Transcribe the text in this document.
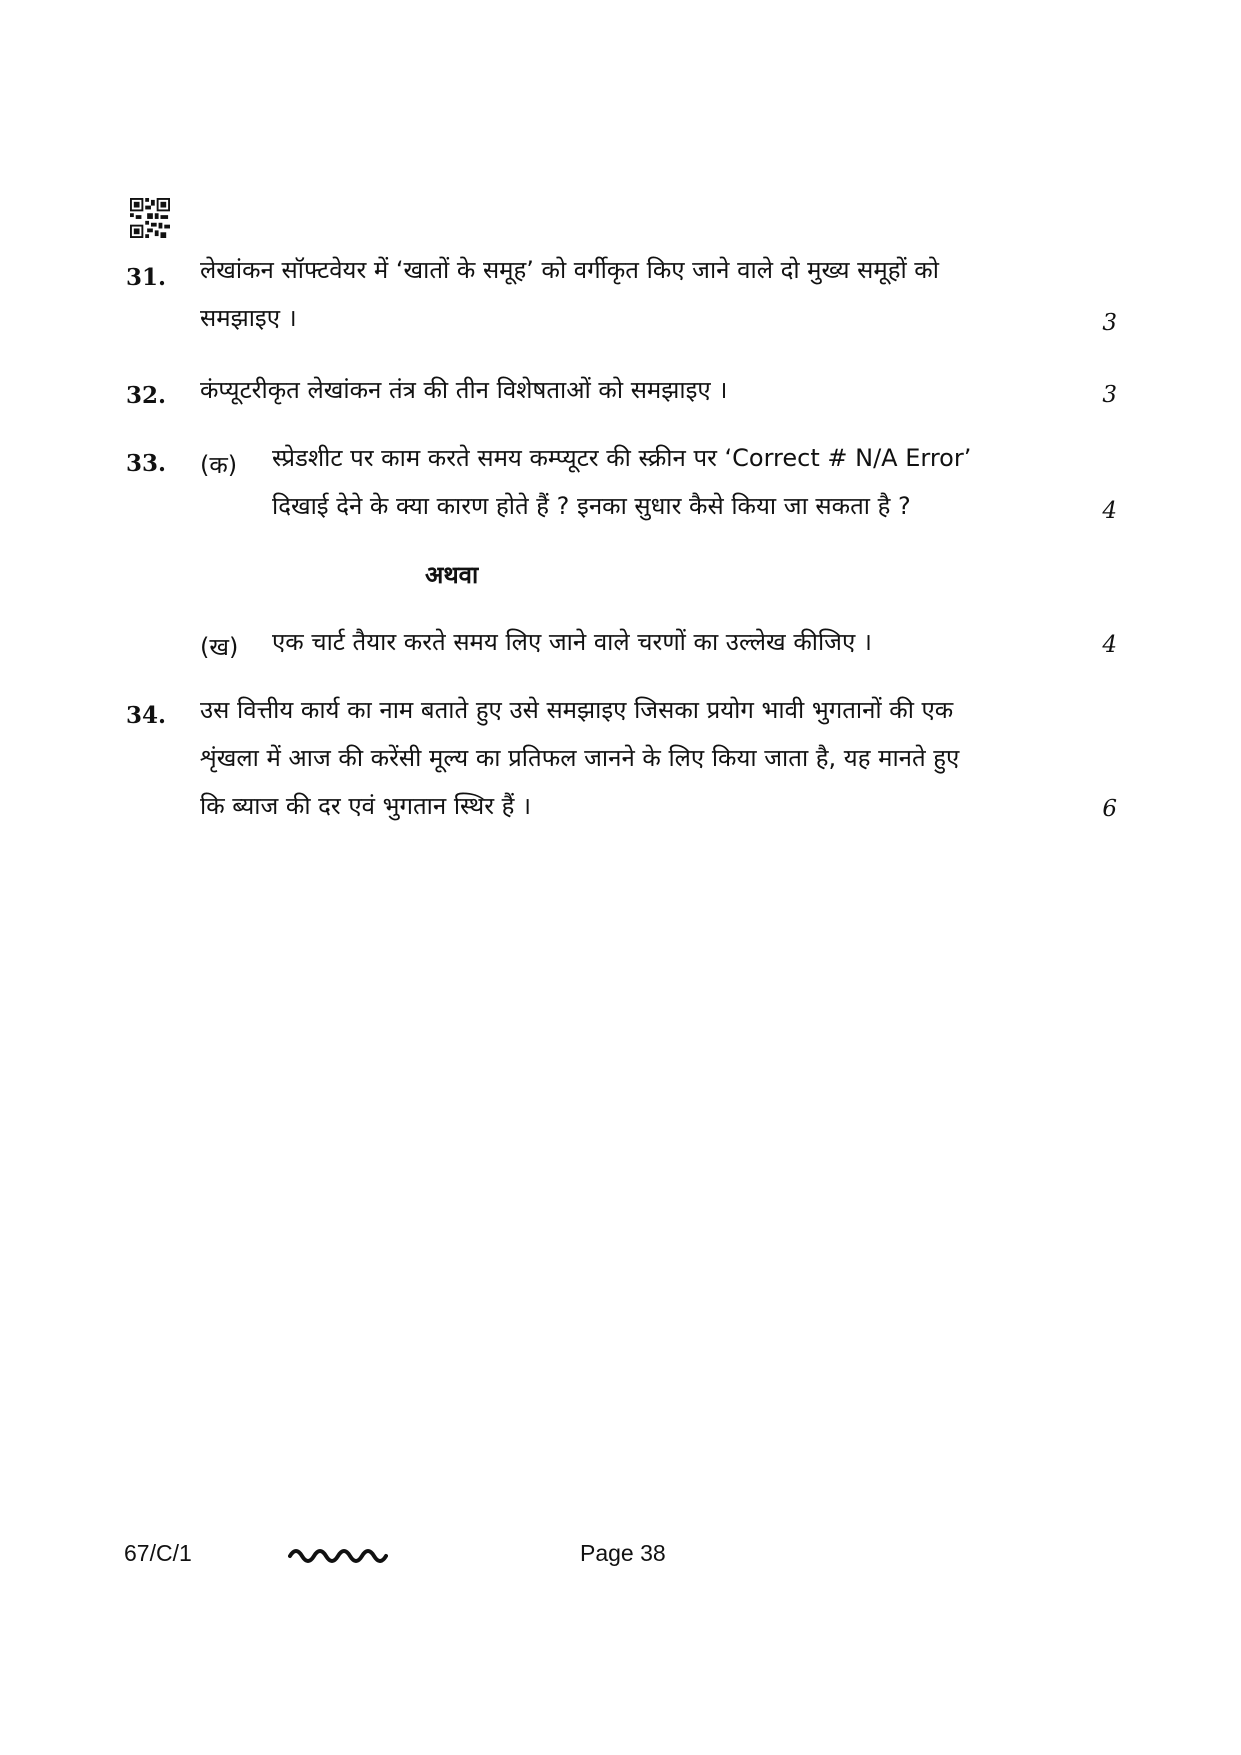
31. लेखांकन सॉफ्टवेयर में ‘खातों के समूह’ को वर्गीकृत किए जाने वाले दो मुख्य समूहों को
समझाइए ।	3
32. कंप्यूटरीकृत लेखांकन तंत्र की तीन विशेषताओं को समझाइए ।	3
33. (क) स्प्रेडशीट पर काम करते समय कम्प्यूटर की स्क्रीन पर ‘Correct # N/A Error’
दिखाई देने के क्या कारण होते हैं ? इनका सुधार कैसे किया जा सकता है ?	4
अथवा
(ख) एक चार्ट तैयार करते समय लिए जाने वाले चरणों का उल्लेख कीजिए ।	4
34. उस वित्तीय कार्य का नाम बताते हुए उसे समझाइए जिसका प्रयोग भावी भुगतानों की एक
शृंखला में आज की करेंसी मूल्य का प्रतिफल जानने के लिए किया जाता है, यह मानते हुए
कि ब्याज की दर एवं भुगतान स्थिर हैं ।	6
67/C/1	Page 38
